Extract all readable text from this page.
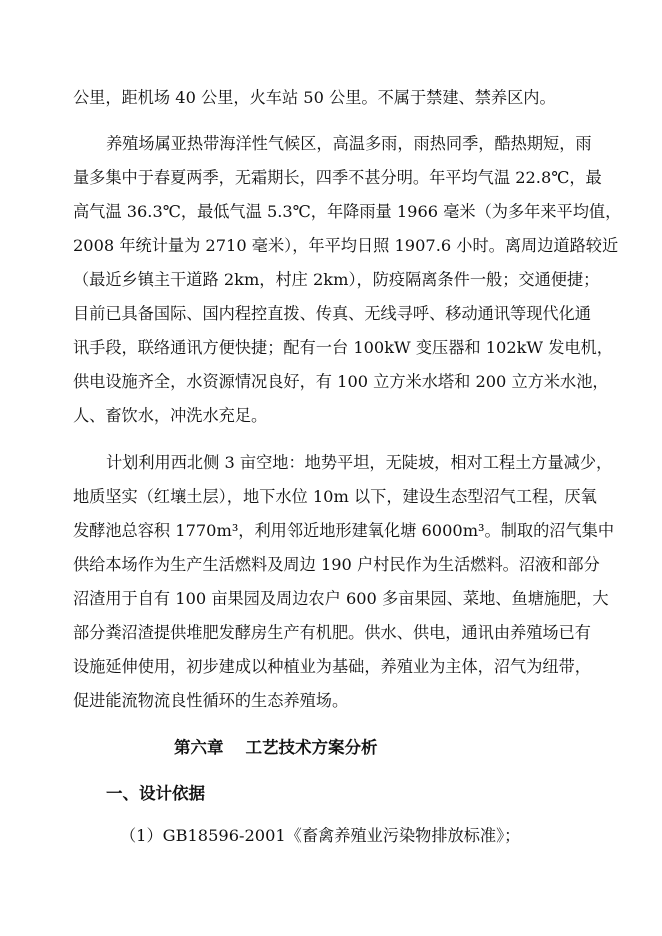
公里，距机场 40 公里，火车站 50 公里。不属于禁建、禁养区内。
养殖场属亚热带海洋性气候区，高温多雨，雨热同季，酷热期短，雨
量多集中于春夏两季，无霜期长，四季不甚分明。年平均气温 22.8℃，最
高气温 36.3℃，最低气温 5.3℃，年降雨量 1966 毫米（为多年来平均值，
2008 年统计量为 2710 毫米），年平均日照 1907.6 小时。离周边道路较近
（最近乡镇主干道路 2km，村庄 2km），防疫隔离条件一般；交通便捷；
目前已具备国际、国内程控直拨、传真、无线寻呼、移动通讯等现代化通
讯手段，联络通讯方便快捷；配有一台 100kW 变压器和 102kW 发电机，
供电设施齐全，水资源情况良好，有 100 立方米水塔和 200 立方米水池，
人、畜饮水，冲洗水充足。
计划利用西北侧 3 亩空地：地势平坦，无陡坡，相对工程土方量减少，
地质坚实（红壤土层），地下水位 10m 以下，建设生态型沼气工程，厌氧
发酵池总容积 1770m³，利用邻近地形建氧化塘 6000m³。制取的沼气集中
供给本场作为生产生活燃料及周边 190 户村民作为生活燃料。沼液和部分
沼渣用于自有 100 亩果园及周边农户 600 多亩果园、菜地、鱼塘施肥，大
部分粪沼渣提供堆肥发酵房生产有机肥。供水、供电，通讯由养殖场已有
设施延伸使用，初步建成以种植业为基础，养殖业为主体，沼气为纽带，
促进能流物流良性循环的生态养殖场。
第六章 工艺技术方案分析
一、设计依据
（1）GB18596-2001《畜禽养殖业污染物排放标准》；
